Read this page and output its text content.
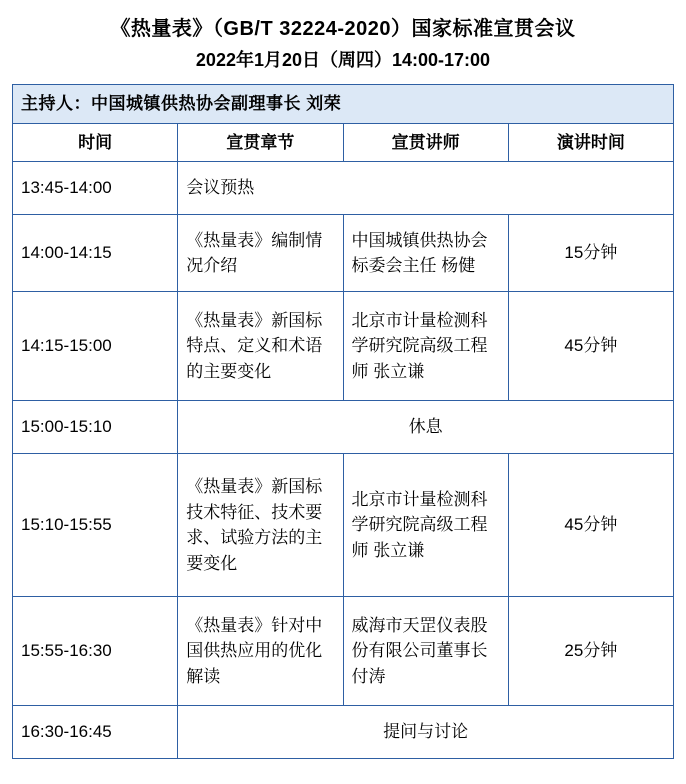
《热量表》（GB/T 32224-2020）国家标准宣贯会议
2022年1月20日（周四）14:00-17:00
主持人：中国城镇供热协会副理事长 刘荣			
时间	宣贯章节	宣贯讲师	演讲时间
13:45-14:00	会议预热		
14:00-14:15	《热量表》编制情况介绍	中国城镇供热协会标委会主任 杨健	15分钟
14:15-15:00	《热量表》新国标特点、定义和术语的主要变化	北京市计量检测科学研究院高级工程师 张立谦	45分钟
15:00-15:10	休息		
15:10-15:55	《热量表》新国标技术特征、技术要求、试验方法的主要变化	北京市计量检测科学研究院高级工程师 张立谦	45分钟
15:55-16:30	《热量表》针对中国供热应用的优化解读	威海市天罡仪表股份有限公司董事长 付涛	25分钟
16:30-16:45	提问与讨论		
